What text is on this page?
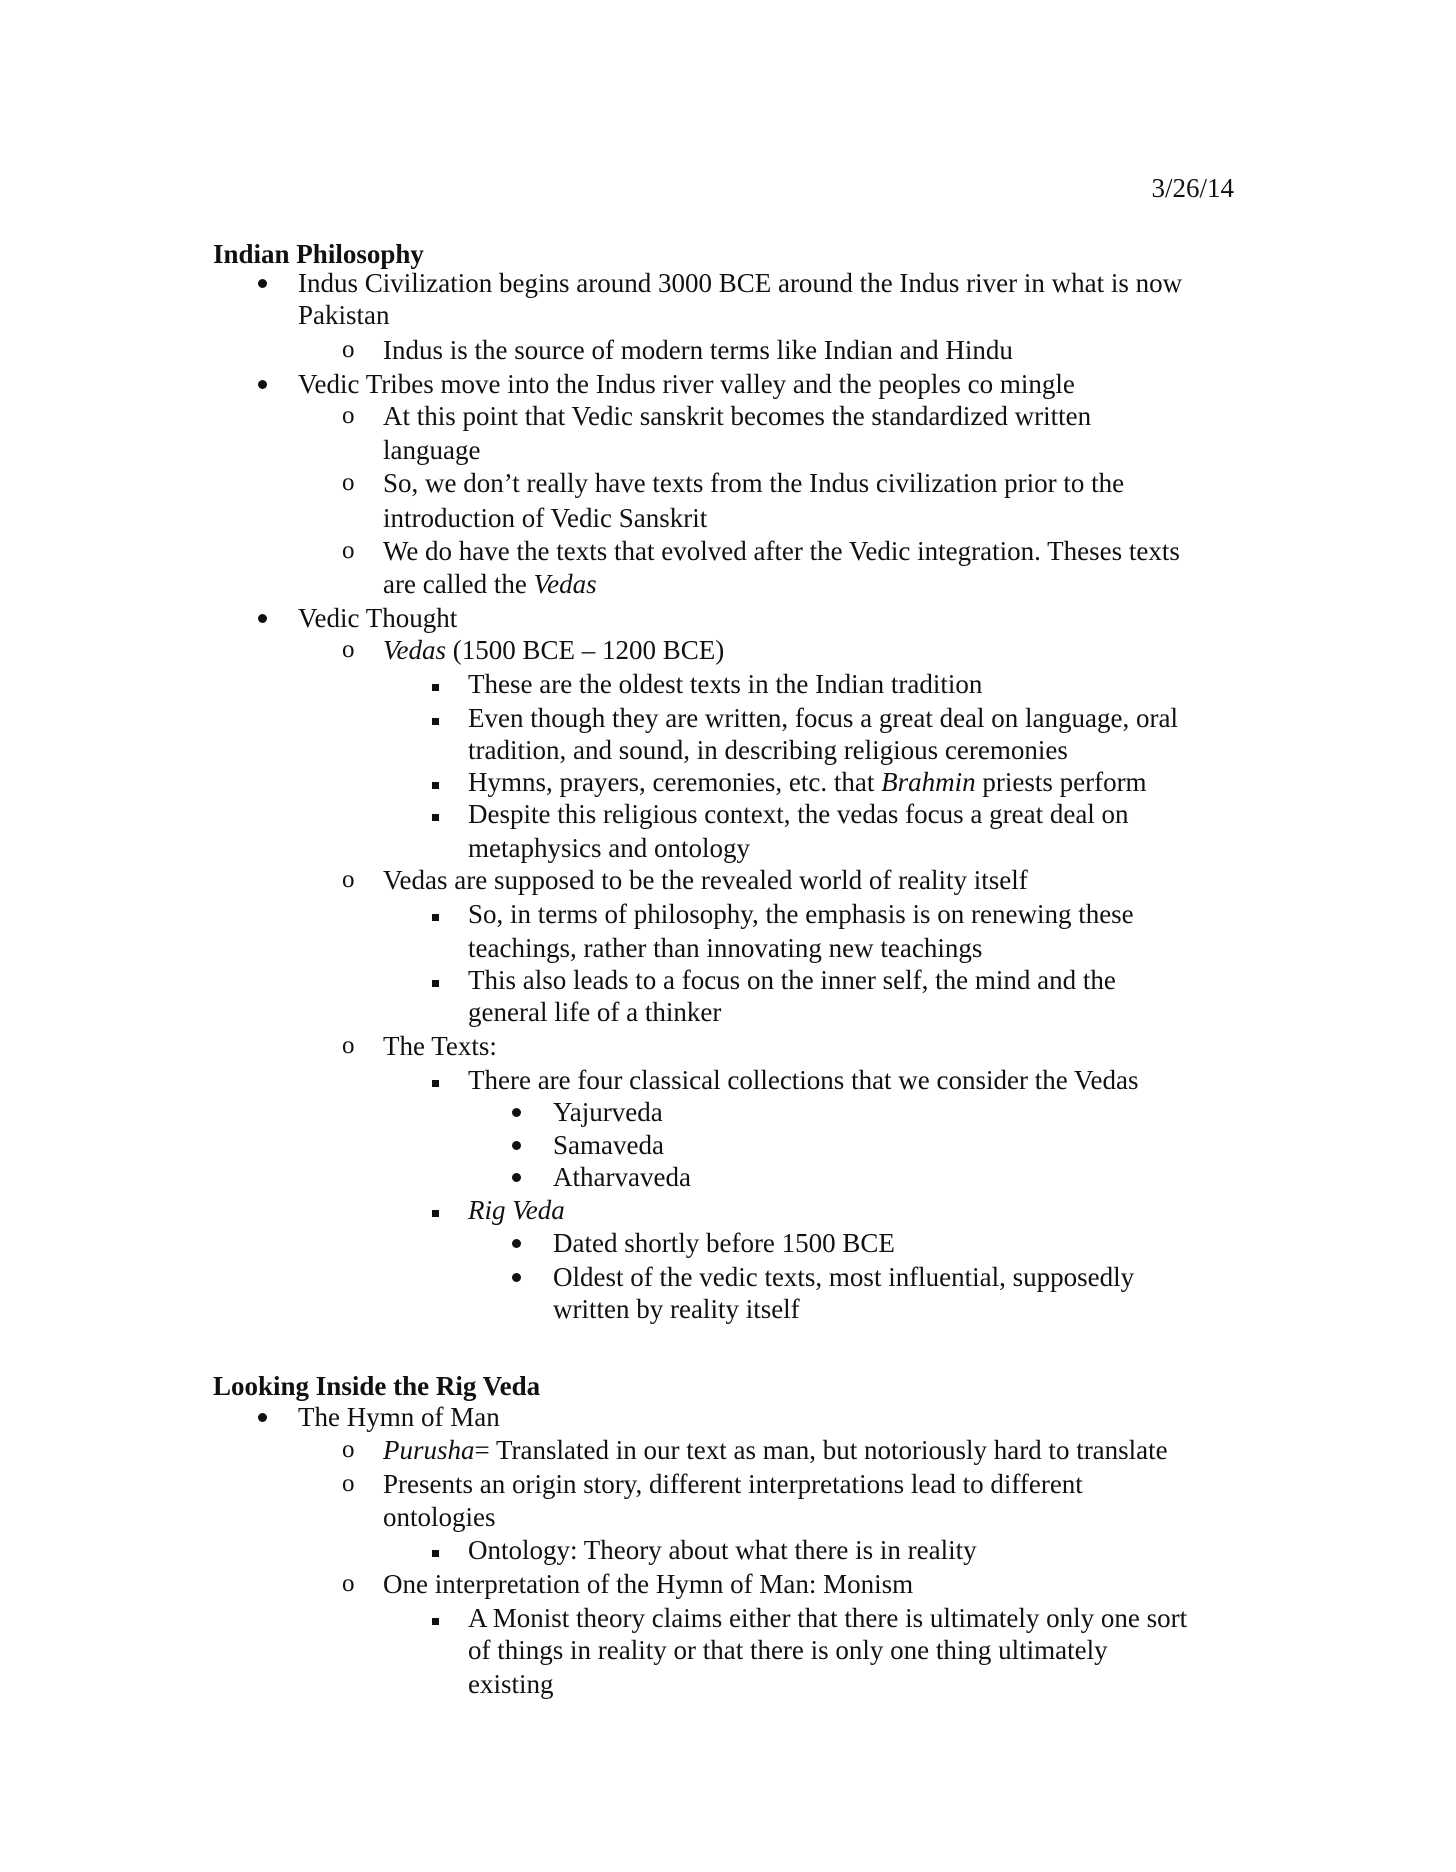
3/26/14
Indian Philosophy
Indus Civilization begins around 3000 BCE around the Indus river in what is now
Pakistan
o Indus is the source of modern terms like Indian and Hindu
Vedic Tribes move into the Indus river valley and the peoples co mingle
o At this point that Vedic sanskrit becomes the standardized written
language
o So, we don’t really have texts from the Indus civilization prior to the
introduction of Vedic Sanskrit
o We do have the texts that evolved after the Vedic integration. Theses texts
are called the Vedas
Vedic Thought
o Vedas (1500 BCE – 1200 BCE)
These are the oldest texts in the Indian tradition
Even though they are written, focus a great deal on language, oral
tradition, and sound, in describing religious ceremonies
Hymns, prayers, ceremonies, etc. that Brahmin priests perform
Despite this religious context, the vedas focus a great deal on
metaphysics and ontology
o Vedas are supposed to be the revealed world of reality itself
So, in terms of philosophy, the emphasis is on renewing these
teachings, rather than innovating new teachings
This also leads to a focus on the inner self, the mind and the
general life of a thinker
o The Texts:
There are four classical collections that we consider the Vedas
Yajurveda
Samaveda
Atharvaveda
Rig Veda
Dated shortly before 1500 BCE
Oldest of the vedic texts, most influential, supposedly
written by reality itself
Looking Inside the Rig Veda
The Hymn of Man
o Purusha= Translated in our text as man, but notoriously hard to translate
o Presents an origin story, different interpretations lead to different
ontologies
Ontology: Theory about what there is in reality
o One interpretation of the Hymn of Man: Monism
A Monist theory claims either that there is ultimately only one sort
of things in reality or that there is only one thing ultimately
existing
